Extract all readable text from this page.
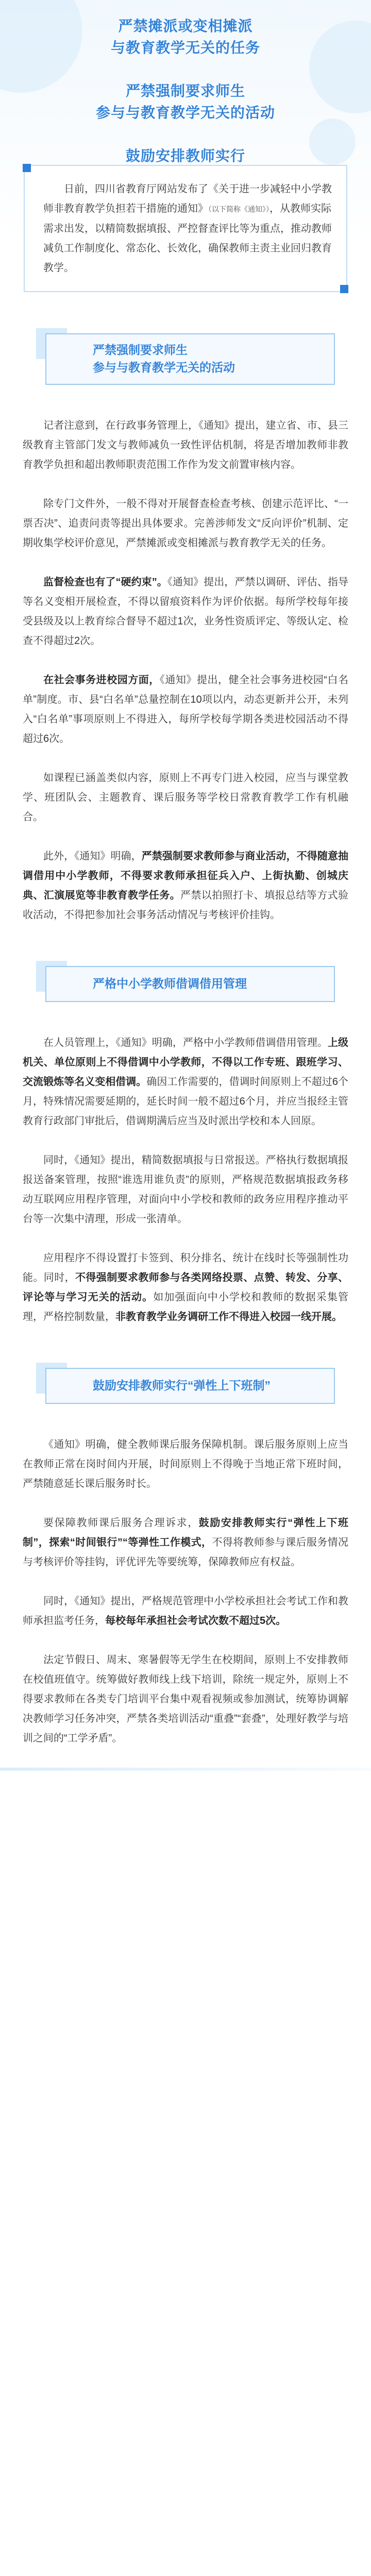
严禁摊派或变相摊派
与教育教学无关的任务
严禁强制要求师生
参与与教育教学无关的活动
鼓励安排教师实行

日前，四川省教育厅网站发布了《关于进一步减轻中小学教师非教育教学负担若干措施的通知》（以下简称《通知》），从教师实际需求出发，以精简数据填报、严控督查评比等为重点，推动教师减负工作制度化、常态化、长效化，确保教师主责主业回归教育教学。

严禁强制要求师生
参与与教育教学无关的活动

记者注意到，在行政事务管理上，《通知》提出，建立省、市、县三级教育主管部门发文与教师减负一致性评估机制，将是否增加教师非教育教学负担和超出教师职责范围工作作为发文前置审核内容。

除专门文件外，一般不得对开展督查检查考核、创建示范评比、“一票否决”、追责问责等提出具体要求。完善涉师发文“反向评价”机制、定期收集学校评价意见，严禁摊派或变相摊派与教育教学无关的任务。

监督检查也有了“硬约束”。《通知》提出，严禁以调研、评估、指导等名义变相开展检查，不得以留痕资料作为评价依据。每所学校每年接受县级及以上教育综合督导不超过1次，业务性资质评定、等级认定、检查不得超过2次。

在社会事务进校园方面，《通知》提出，健全社会事务进校园“白名单”制度。市、县“白名单”总量控制在10项以内，动态更新并公开，未列入“白名单”事项原则上不得进入，每所学校每学期各类进校园活动不得超过6次。

如课程已涵盖类似内容，原则上不再专门进入校园，应当与课堂教学、班团队会、主题教育、课后服务等学校日常教育教学工作有机融合。

此外，《通知》明确，严禁强制要求教师参与商业活动，不得随意抽调借用中小学教师，不得要求教师承担征兵入户、上街执勤、创城庆典、汇演展览等非教育教学任务。严禁以拍照打卡、填报总结等方式验收活动，不得把参加社会事务活动情况与考核评价挂钩。

严格中小学教师借调借用管理

在人员管理上，《通知》明确，严格中小学教师借调借用管理。上级机关、单位原则上不得借调中小学教师，不得以工作专班、跟班学习、交流锻炼等名义变相借调。确因工作需要的，借调时间原则上不超过6个月，特殊情况需要延期的，延长时间一般不超过6个月，并应当报经主管教育行政部门审批后，借调期满后应当及时派出学校和本人回原。

同时，《通知》提出，精简数据填报与日常报送。严格执行数据填报报送备案管理，按照“谁选用谁负责”的原则，严格规范数据填报政务移动互联网应用程序管理，对面向中小学校和教师的政务应用程序推动平台等一次集中清理，形成一张清单。

应用程序不得设置打卡签到、积分排名、统计在线时长等强制性功能。同时，不得强制要求教师参与各类网络投票、点赞、转发、分享、评论等与学习无关的活动。如加强面向中小学校和教师的数据采集管理，严格控制数量，非教育教学业务调研工作不得进入校园一线开展。

鼓励安排教师实行“弹性上下班制”

《通知》明确，健全教师课后服务保障机制。课后服务原则上应当在教师正常在岗时间内开展，时间原则上不得晚于当地正常下班时间，严禁随意延长课后服务时长。

要保障教师课后服务合理诉求，鼓励安排教师实行“弹性上下班制”，探索“时间银行”“等弹性工作模式，不得将教师参与课后服务情况与考核评价等挂钩，评优评先等要统筹，保障教师应有权益。

同时，《通知》提出，严格规范管理中小学校承担社会考试工作和教师承担监考任务，每校每年承担社会考试次数不超过5次。

法定节假日、周末、寒暑假等无学生在校期间，原则上不安排教师在校值班值守。统筹做好教师线上线下培训，除统一规定外，原则上不得要求教师在各类专门培训平台集中观看视频或参加测试，统筹协调解决教师学习任务冲突，严禁各类培训活动“重叠”“套叠”，处理好教学与培训之间的“工学矛盾”。
